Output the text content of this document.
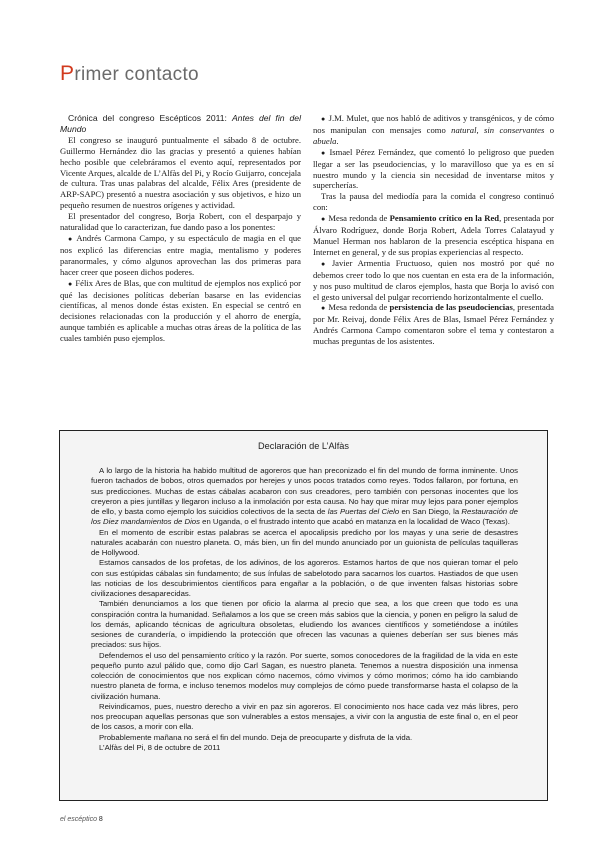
Primer contacto

Crónica del congreso Escépticos 2011: Antes del fin del Mundo

El congreso se inauguró puntualmente el sábado 8 de octubre. Guillermo Hernández dio las gracias y presentó a quienes habían hecho posible que celebráramos el evento aquí, representados por Vicente Arques, alcalde de L’Alfàs del Pi, y Rocío Guijarro, concejala de cultura. Tras unas palabras del alcalde, Félix Ares (presidente de ARP-SAPC) presentó a nuestra asociación y sus objetivos, e hizo un pequeño resumen de nuestros orígenes y actividad.

El presentador del congreso, Borja Robert, con el desparpajo y naturalidad que lo caracterizan, fue dando paso a los ponentes:

● Andrés Carmona Campo, y su espectáculo de magia en el que nos explicó las diferencias entre magia, mentalismo y poderes paranormales, y cómo algunos aprovechan las dos primeras para hacer creer que poseen dichos poderes.

● Félix Ares de Blas, que con multitud de ejemplos nos explicó por qué las decisiones políticas deberían basarse en las evidencias científicas, al menos donde éstas existen. En especial se centró en decisiones relacionadas con la producción y el ahorro de energía, aunque también es aplicable a muchas otras áreas de la política de las cuales también puso ejemplos.

● J.M. Mulet, que nos habló de aditivos y transgénicos, y de cómo nos manipulan con mensajes como natural, sin conservantes o abuela.

● Ismael Pérez Fernández, que comentó lo peligroso que pueden llegar a ser las pseudociencias, y lo maravilloso que ya es en sí nuestro mundo y la ciencia sin necesidad de inventarse mitos y supercherías.

Tras la pausa del mediodía para la comida el congreso continuó con:

● Mesa redonda de Pensamiento crítico en la Red, presentada por Álvaro Rodríguez, donde Borja Robert, Adela Torres Calatayud y Manuel Herman nos hablaron de la presencia escéptica hispana en Internet en general, y de sus propias experiencias al respecto.

● Javier Armentia Fructuoso, quien nos mostró por qué no debemos creer todo lo que nos cuentan en esta era de la información, y nos puso multitud de claros ejemplos, hasta que Borja lo avisó con el gesto universal del pulgar recorriendo horizontalmente el cuello.

● Mesa redonda de persistencia de las pseudociencias, presentada por Mr. Reivaj, donde Félix Ares de Blas, Ismael Pérez Fernández y Andrés Carmona Campo comentaron sobre el tema y contestaron a muchas preguntas de los asistentes.

Declaración de L’Alfàs

A lo largo de la historia ha habido multitud de agoreros que han preconizado el fin del mundo de forma inminente. Unos fueron tachados de bobos, otros quemados por herejes y unos pocos tratados como reyes. Todos fallaron, por fortuna, en sus predicciones. Muchas de estas cábalas acabaron con sus creadores, pero también con personas inocentes que los creyeron a pies juntillas y llegaron incluso a la inmolación por esta causa. No hay que mirar muy lejos para poner ejemplos de ello, y basta como ejemplo los suicidios colectivos de la secta de las Puertas del Cielo en San Diego, la Restauración de los Diez mandamientos de Dios en Uganda, o el frustrado intento que acabó en matanza en la localidad de Waco (Texas).

En el momento de escribir estas palabras se acerca el apocalipsis predicho por los mayas y una serie de desastres naturales acabarán con nuestro planeta. O, más bien, un fin del mundo anunciado por un guionista de películas taquilleras de Hollywood.

Estamos cansados de los profetas, de los adivinos, de los agoreros. Estamos hartos de que nos quieran tomar el pelo con sus estúpidas cábalas sin fundamento; de sus ínfulas de sabelotodo para sacarnos los cuartos. Hastiados de que usen las noticias de los descubrimientos científicos para engañar a la población, o de que inventen falsas historias sobre civilizaciones desaparecidas.

También denunciamos a los que tienen por oficio la alarma al precio que sea, a los que creen que todo es una conspiración contra la humanidad. Señalamos a los que se creen más sabios que la ciencia, y ponen en peligro la salud de los demás, aplicando técnicas de agricultura obsoletas, eludiendo los avances científicos y sometiéndose a inútiles sesiones de curandería, o impidiendo la protección que ofrecen las vacunas a quienes deberían ser sus bienes más preciados: sus hijos.

Defendemos el uso del pensamiento crítico y la razón. Por suerte, somos conocedores de la fragilidad de la vida en este pequeño punto azul pálido que, como dijo Carl Sagan, es nuestro planeta. Tenemos a nuestra disposición una inmensa colección de conocimientos que nos explican cómo nacemos, cómo vivimos y cómo morimos; cómo ha ido cambiando nuestro planeta de forma, e incluso tenemos modelos muy complejos de cómo puede transformarse hasta el colapso de la civilización humana.

Reivindicamos, pues, nuestro derecho a vivir en paz sin agoreros. El conocimiento nos hace cada vez más libres, pero nos preocupan aquellas personas que son vulnerables a estos mensajes, a vivir con la angustia de este final o, en el peor de los casos, a morir con ella.

Probablemente mañana no será el fin del mundo. Deja de preocuparte y disfruta de la vida.

L’Alfàs del Pi, 8 de octubre de 2011

el escéptico 8
